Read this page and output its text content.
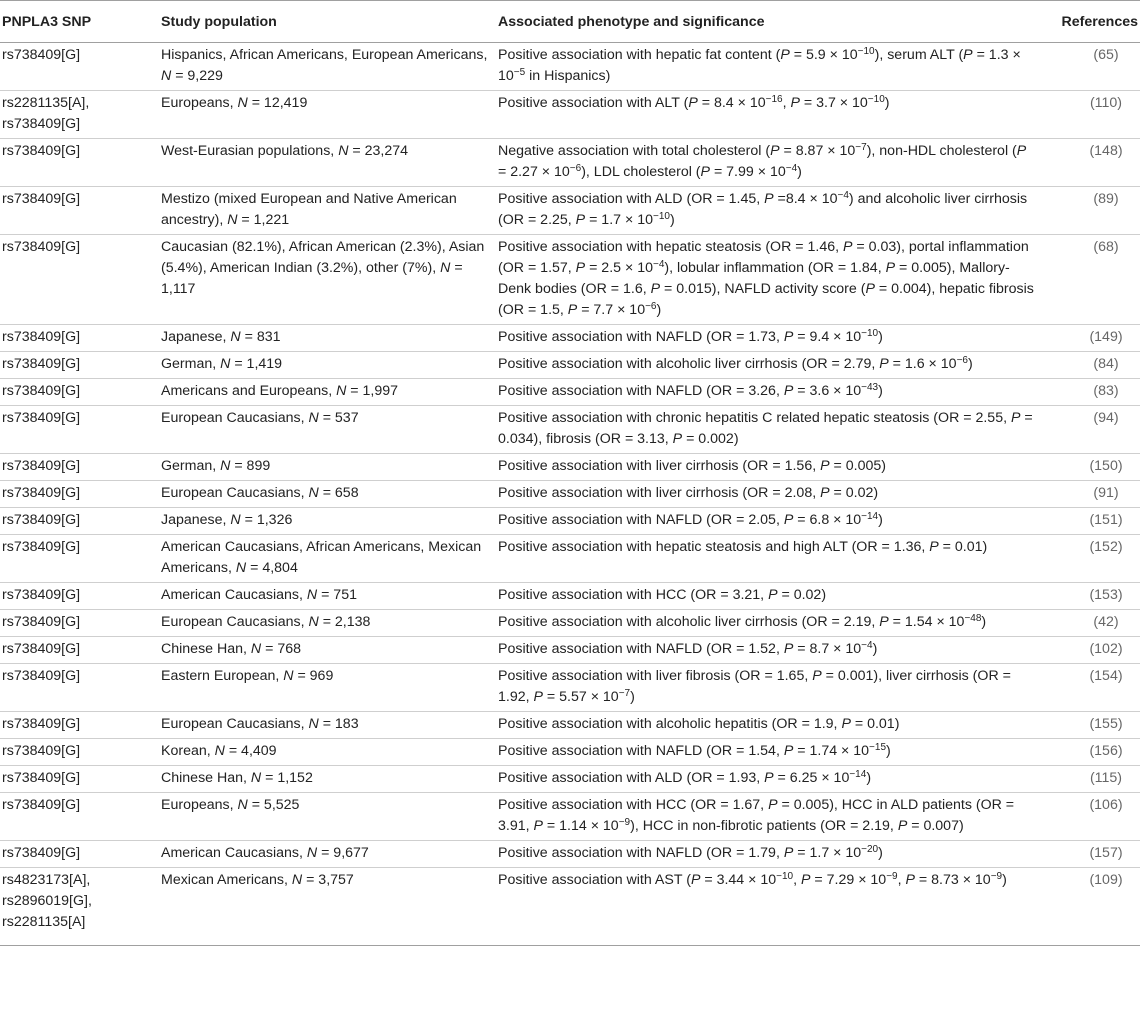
PNPLA3 SNP	Study population	Associated phenotype and significance	References
rs738409[G]	Hispanics, African Americans, European Americans, N = 9,229	Positive association with hepatic fat content $(P = 5.9 \times 10^{-10})$, serum ALT ($P = 1.3 \times 10^{-5}$ in Hispanics)	(65)
rs2281135[A], rs738409[G]	Europeans, N = 12,419	Positive association with ALT ($P = 8.4 \times 10^{-16}$, $P = 3.7 \times 10^{-10}$)	(110)
rs738409[G]	West-Eurasian populations, N = 23,274	Negative association with total cholesterol $(P = 8.87 \times 10^{-7})$, non-HDL cholesterol $(P = 2.27 \times 10^{-6})$, LDL cholesterol $(P = 7.99 \times 10^{-4})$	(148)
rs738409[G]	Mestizo (mixed European and Native American ancestry), N = 1,221	Positive association with ALD (OR = 1.45, $P =8.4 \times 10^{-4}$) and alcoholic liver cirrhosis (OR = 2.25, $P = 1.7 \times 10^{-10}$)	(89)
rs738409[G]	Caucasian (82.1%), African American (2.3%), Asian (5.4%), American Indian (3.2%), other (7%), N = 1,117	Positive association with hepatic steatosis (OR = 1.46, P = 0.03), portal inflammation (OR = 1.57, $P = 2.5 \times 10^{-4}$), lobular inflammation (OR = 1.84, P = 0.005), Mallory-Denk bodies (OR = 1.6, P = 0.015), NAFLD activity score (P = 0.004), hepatic fibrosis (OR = 1.5, $P = 7.7 \times 10^{-6}$)	(68)
rs738409[G]	Japanese, N = 831	Positive association with NAFLD (OR = 1.73, $P = 9.4 \times 10^{-10}$)	(149)
rs738409[G]	German, N = 1,419	Positive association with alcoholic liver cirrhosis (OR = 2.79, $P = 1.6 \times 10^{-6}$)	(84)
rs738409[G]	Americans and Europeans, N = 1,997	Positive association with NAFLD (OR = 3.26, $P = 3.6 \times 10^{-43}$)	(83)
rs738409[G]	European Caucasians, N = 537	Positive association with chronic hepatitis C related hepatic steatosis (OR = 2.55, P = 0.034), fibrosis (OR = 3.13, P = 0.002)	(94)
rs738409[G]	German, N = 899	Positive association with liver cirrhosis (OR = 1.56, P = 0.005)	(150)
rs738409[G]	European Caucasians, N = 658	Positive association with liver cirrhosis (OR = 2.08, P = 0.02)	(91)
rs738409[G]	Japanese, N = 1,326	Positive association with NAFLD (OR = 2.05, $P = 6.8 \times 10^{-14}$)	(151)
rs738409[G]	American Caucasians, African Americans, Mexican Americans, N = 4,804	Positive association with hepatic steatosis and high ALT (OR = 1.36, P = 0.01)	(152)
rs738409[G]	American Caucasians, N = 751	Positive association with HCC (OR = 3.21, P = 0.02)	(153)
rs738409[G]	European Caucasians, N = 2,138	Positive association with alcoholic liver cirrhosis (OR = 2.19, $P = 1.54 \times 10^{-48}$)	(42)
rs738409[G]	Chinese Han, N = 768	Positive association with NAFLD (OR = 1.52, $P = 8.7 \times 10^{-4}$)	(102)
rs738409[G]	Eastern European, N = 969	Positive association with liver fibrosis (OR = 1.65, P = 0.001), liver cirrhosis (OR = 1.92, $P = 5.57 \times 10^{-7}$)	(154)
rs738409[G]	European Caucasians, N = 183	Positive association with alcoholic hepatitis (OR = 1.9, P = 0.01)	(155)
rs738409[G]	Korean, N = 4,409	Positive association with NAFLD (OR = 1.54, $P = 1.74 \times 10^{-15}$)	(156)
rs738409[G]	Chinese Han, N = 1,152	Positive association with ALD (OR = 1.93, $P = 6.25 \times 10^{-14}$)	(115)
rs738409[G]	Europeans, N = 5,525	Positive association with HCC (OR = 1.67, P = 0.005), HCC in ALD patients (OR = 3.91, $P = 1.14 \times 10^{-9}$), HCC in non-fibrotic patients (OR = 2.19, P = 0.007)	(106)
rs738409[G]	American Caucasians, N = 9,677	Positive association with NAFLD (OR = 1.79, $P = 1.7 \times 10^{-20}$)	(157)
rs4823173[A], rs2896019[G], rs2281135[A]	Mexican Americans, N = 3,757	Positive association with AST ($P = 3.44 \times 10^{-10}$, $P = 7.29 \times 10^{-9}$, $P = 8.73 \times 10^{-9}$)	(109)
